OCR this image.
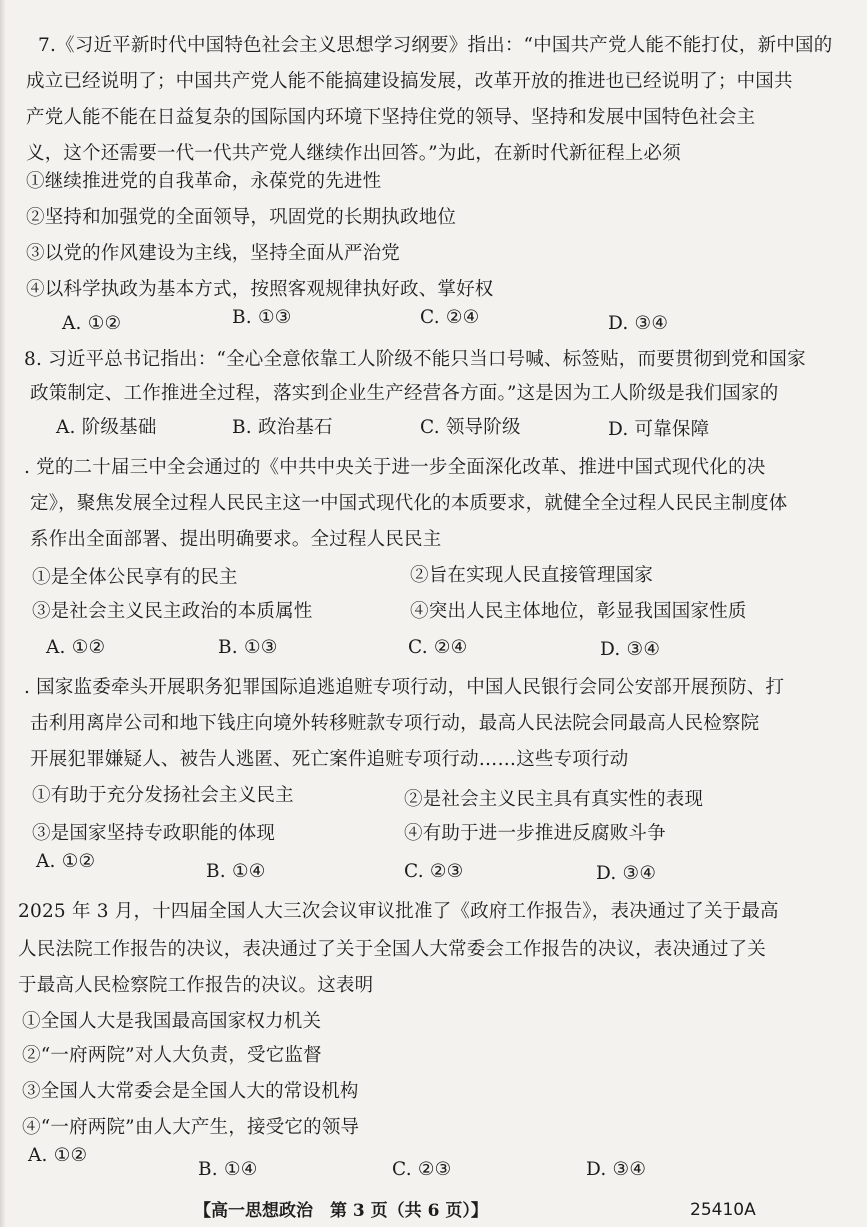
7.《习近平新时代中国特色社会主义思想学习纲要》指出：“中国共产党人能不能打仗，新中国的
成立已经说明了；中国共产党人能不能搞建设搞发展，改革开放的推进也已经说明了；中国共
产党人能不能在日益复杂的国际国内环境下坚持住党的领导、坚持和发展中国特色社会主
义，这个还需要一代一代共产党人继续作出回答。”为此，在新时代新征程上必须
①继续推进党的自我革命，永葆党的先进性
②坚持和加强党的全面领导，巩固党的长期执政地位
③以党的作风建设为主线，坚持全面从严治党
④以科学执政为基本方式，按照客观规律执好政、掌好权
A. ①②	B. ①③	C. ②④	D. ③④
8. 习近平总书记指出：“全心全意依靠工人阶级不能只当口号喊、标签贴，而要贯彻到党和国家
政策制定、工作推进全过程，落实到企业生产经营各方面。”这是因为工人阶级是我们国家的
A. 阶级基础	B. 政治基石	C. 领导阶级	D. 可靠保障
. 党的二十届三中全会通过的《中共中央关于进一步全面深化改革、推进中国式现代化的决
定》，聚焦发展全过程人民民主这一中国式现代化的本质要求，就健全全过程人民民主制度体
系作出全面部署、提出明确要求。全过程人民民主
①是全体公民享有的民主	②旨在实现人民直接管理国家
③是社会主义民主政治的本质属性	④突出人民主体地位，彰显我国国家性质
A. ①②	B. ①③	C. ②④	D. ③④
. 国家监委牵头开展职务犯罪国际追逃追赃专项行动，中国人民银行会同公安部开展预防、打
击利用离岸公司和地下钱庄向境外转移赃款专项行动，最高人民法院会同最高人民检察院
开展犯罪嫌疑人、被告人逃匿、死亡案件追赃专项行动……这些专项行动
①有助于充分发扬社会主义民主	②是社会主义民主具有真实性的表现
③是国家坚持专政职能的体现	④有助于进一步推进反腐败斗争
A. ①②	B. ①④	C. ②③	D. ③④
2025 年 3 月，十四届全国人大三次会议审议批准了《政府工作报告》，表决通过了关于最高
人民法院工作报告的决议，表决通过了关于全国人大常委会工作报告的决议，表决通过了关
于最高人民检察院工作报告的决议。这表明
①全国人大是我国最高国家权力机关
②“一府两院”对人大负责，受它监督
③全国人大常委会是全国人大的常设机构
④“一府两院”由人大产生，接受它的领导
A. ①②
B. ①④	C. ②③	D. ③④
【高一思想政治　第 3 页（共 6 页）】	25410A
